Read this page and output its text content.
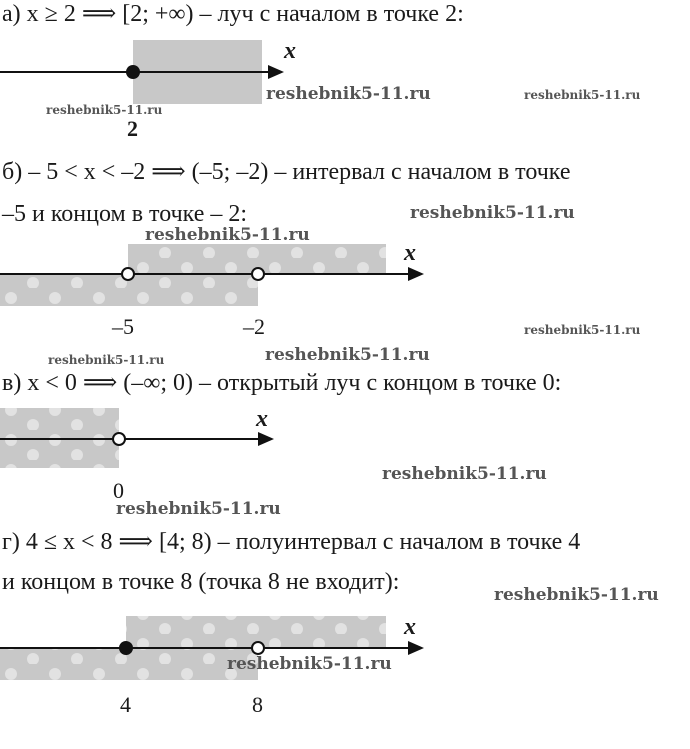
а) x ≥ 2 ⟹ [2; +∞) – луч с началом в точке 2:
б) – 5 < x < –2 ⟹ (–5; –2) – интервал с началом в точке
–5 и концом в точке – 2:
в) x < 0 ⟹ (–∞; 0) – открытый луч с концом в точке 0:
г) 4 ≤ x < 8 ⟹ [4; 8) – полуинтервал с началом в точке 4
и концом в точке 8 (точка 8 не входит):
x
2
x
–5	–2
x
0
x
4	8
reshebnik5-11.ru	reshebnik5-11.ru
reshebnik5-11.ru
reshebnik5-11.ru
reshebnik5-11.ru
reshebnik5-11.ru
reshebnik5-11.ru	reshebnik5-11.ru
reshebnik5-11.ru
reshebnik5-11.ru
reshebnik5-11.ru
reshebnik5-11.ru
